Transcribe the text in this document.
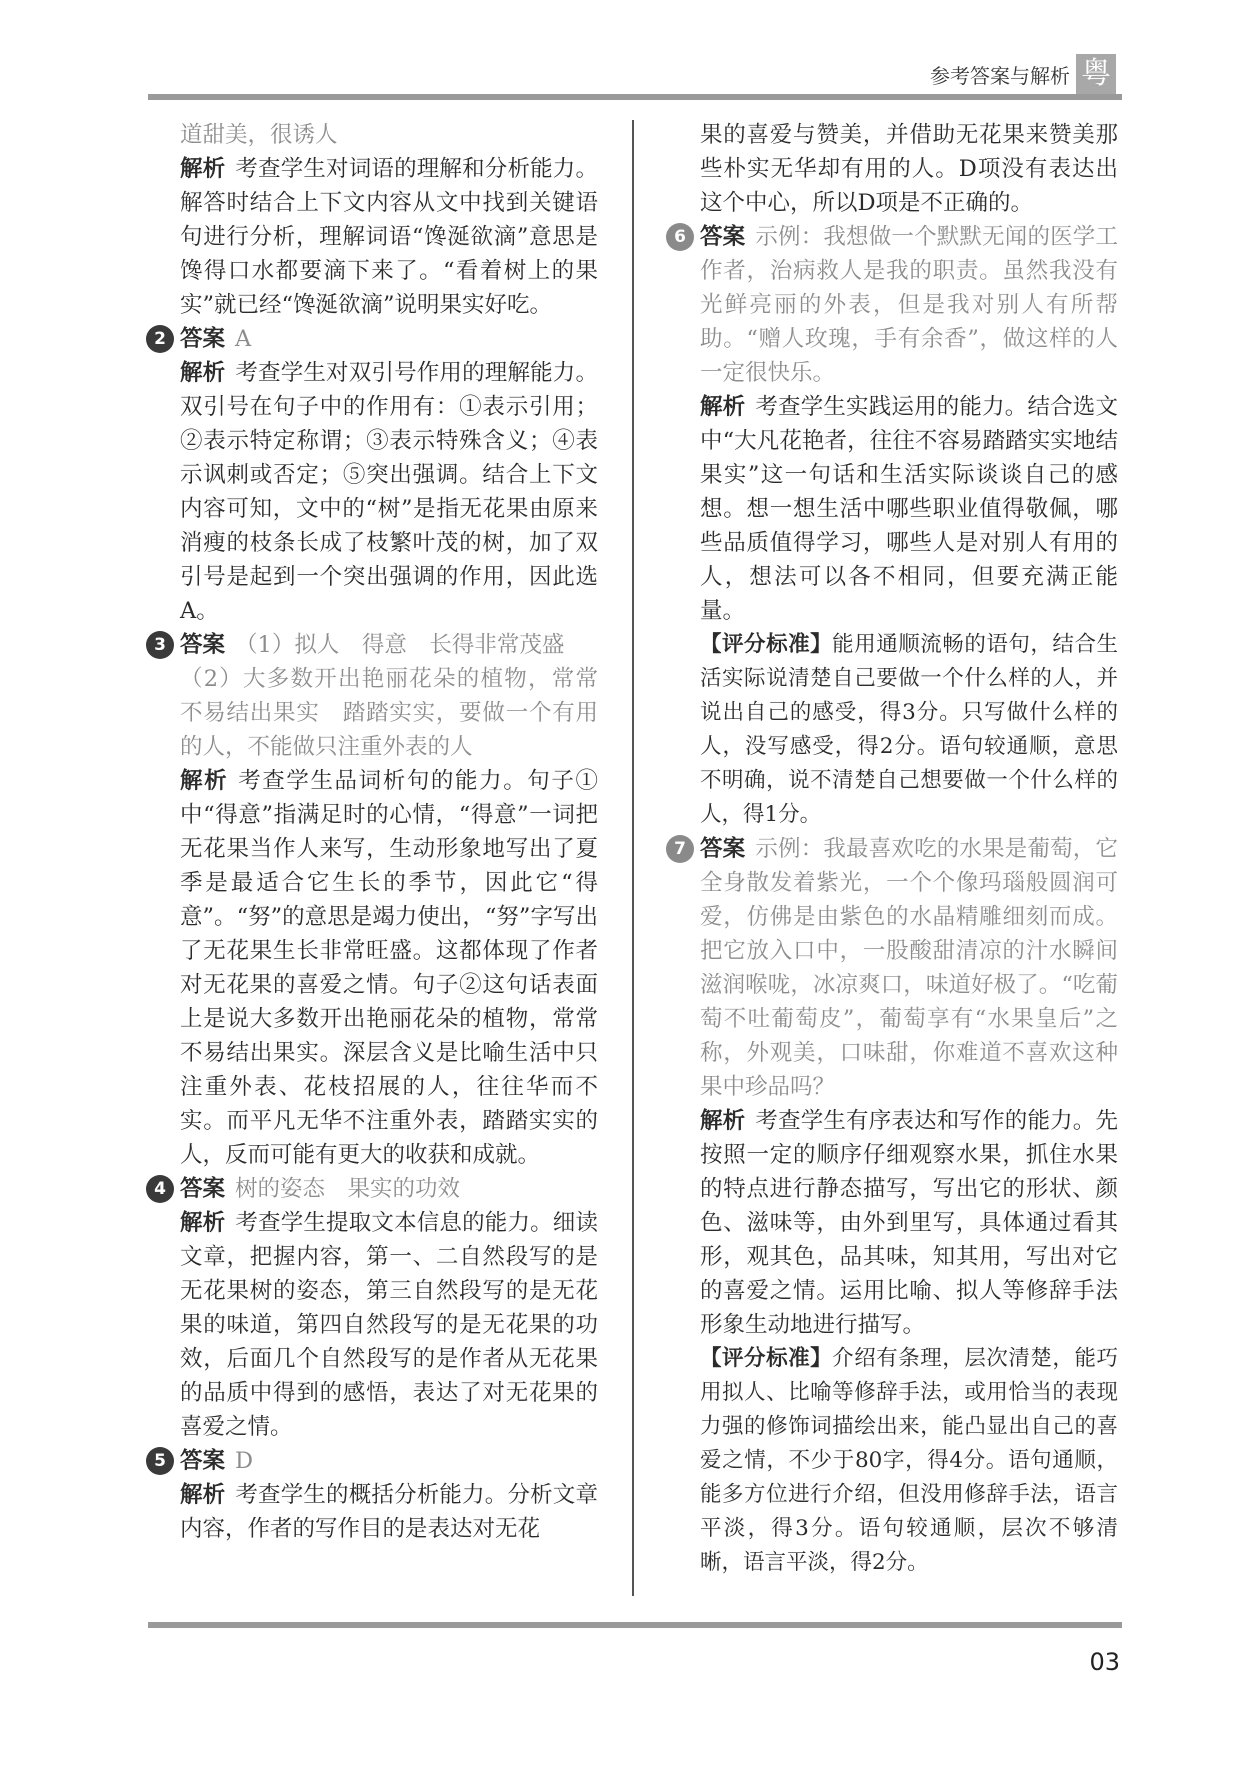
参考答案与解析 粤

道甜美，很诱人

解析 考查学生对词语的理解和分析能力。解答时结合上下文内容从文中找到关键语句进行分析，理解词语“馋涎欲滴”意思是馋得口水都要滴下来了。“看着树上的果实”就已经“馋涎欲滴”说明果实好吃。

2 答案 A

解析 考查学生对双引号作用的理解能力。双引号在句子中的作用有：①表示引用；②表示特定称谓；③表示特殊含义；④表示讽刺或否定；⑤突出强调。结合上下文内容可知，文中的“树”是指无花果由原来消瘦的枝条长成了枝繁叶茂的树，加了双引号是起到一个突出强调的作用，因此选A。

3 答案 （1）拟人　得意　长得非常茂盛

（2）大多数开出艳丽花朵的植物，常常不易结出果实　踏踏实实，要做一个有用的人，不能做只注重外表的人

解析 考查学生品词析句的能力。句子①中“得意”指满足时的心情，“得意”一词把无花果当作人来写，生动形象地写出了夏季是最适合它生长的季节，因此它“得意”。“努”的意思是竭力使出，“努”字写出了无花果生长非常旺盛。这都体现了作者对无花果的喜爱之情。句子②这句话表面上是说大多数开出艳丽花朵的植物，常常不易结出果实。深层含义是比喻生活中只注重外表、花枝招展的人，往往华而不实。而平凡无华不注重外表，踏踏实实的人，反而可能有更大的收获和成就。

4 答案 树的姿态　果实的功效

解析 考查学生提取文本信息的能力。细读文章，把握内容，第一、二自然段写的是无花果树的姿态，第三自然段写的是无花果的味道，第四自然段写的是无花果的功效，后面几个自然段写的是作者从无花果的品质中得到的感悟，表达了对无花果的喜爱之情。

5 答案 D

解析 考查学生的概括分析能力。分析文章内容，作者的写作目的是表达对无花

果的喜爱与赞美，并借助无花果来赞美那些朴实无华却有用的人。D项没有表达出这个中心，所以D项是不正确的。

6 答案 示例：我想做一个默默无闻的医学工作者，治病救人是我的职责。虽然我没有光鲜亮丽的外表，但是我对别人有所帮助。“赠人玫瑰，手有余香”，做这样的人一定很快乐。

解析 考查学生实践运用的能力。结合选文中“大凡花艳者，往往不容易踏踏实实地结果实”这一句话和生活实际谈谈自己的感想。想一想生活中哪些职业值得敬佩，哪些品质值得学习，哪些人是对别人有用的人，想法可以各不相同，但要充满正能量。

【评分标准】能用通顺流畅的语句，结合生活实际说清楚自己要做一个什么样的人，并说出自己的感受，得3分。只写做什么样的人，没写感受，得2分。语句较通顺，意思不明确，说不清楚自己想要做一个什么样的人，得1分。

7 答案 示例：我最喜欢吃的水果是葡萄，它全身散发着紫光，一个个像玛瑙般圆润可爱，仿佛是由紫色的水晶精雕细刻而成。把它放入口中，一股酸甜清凉的汁水瞬间滋润喉咙，冰凉爽口，味道好极了。“吃葡萄不吐葡萄皮”，葡萄享有“水果皇后”之称，外观美，口味甜，你难道不喜欢这种果中珍品吗？

解析 考查学生有序表达和写作的能力。先按照一定的顺序仔细观察水果，抓住水果的特点进行静态描写，写出它的形状、颜色、滋味等，由外到里写，具体通过看其形，观其色，品其味，知其用，写出对它的喜爱之情。运用比喻、拟人等修辞手法形象生动地进行描写。

【评分标准】介绍有条理，层次清楚，能巧用拟人、比喻等修辞手法，或用恰当的表现力强的修饰词描绘出来，能凸显出自己的喜爱之情，不少于80字，得4分。语句通顺，能多方位进行介绍，但没用修辞手法，语言平淡，得3分。语句较通顺，层次不够清晰，语言平淡，得2分。

03
